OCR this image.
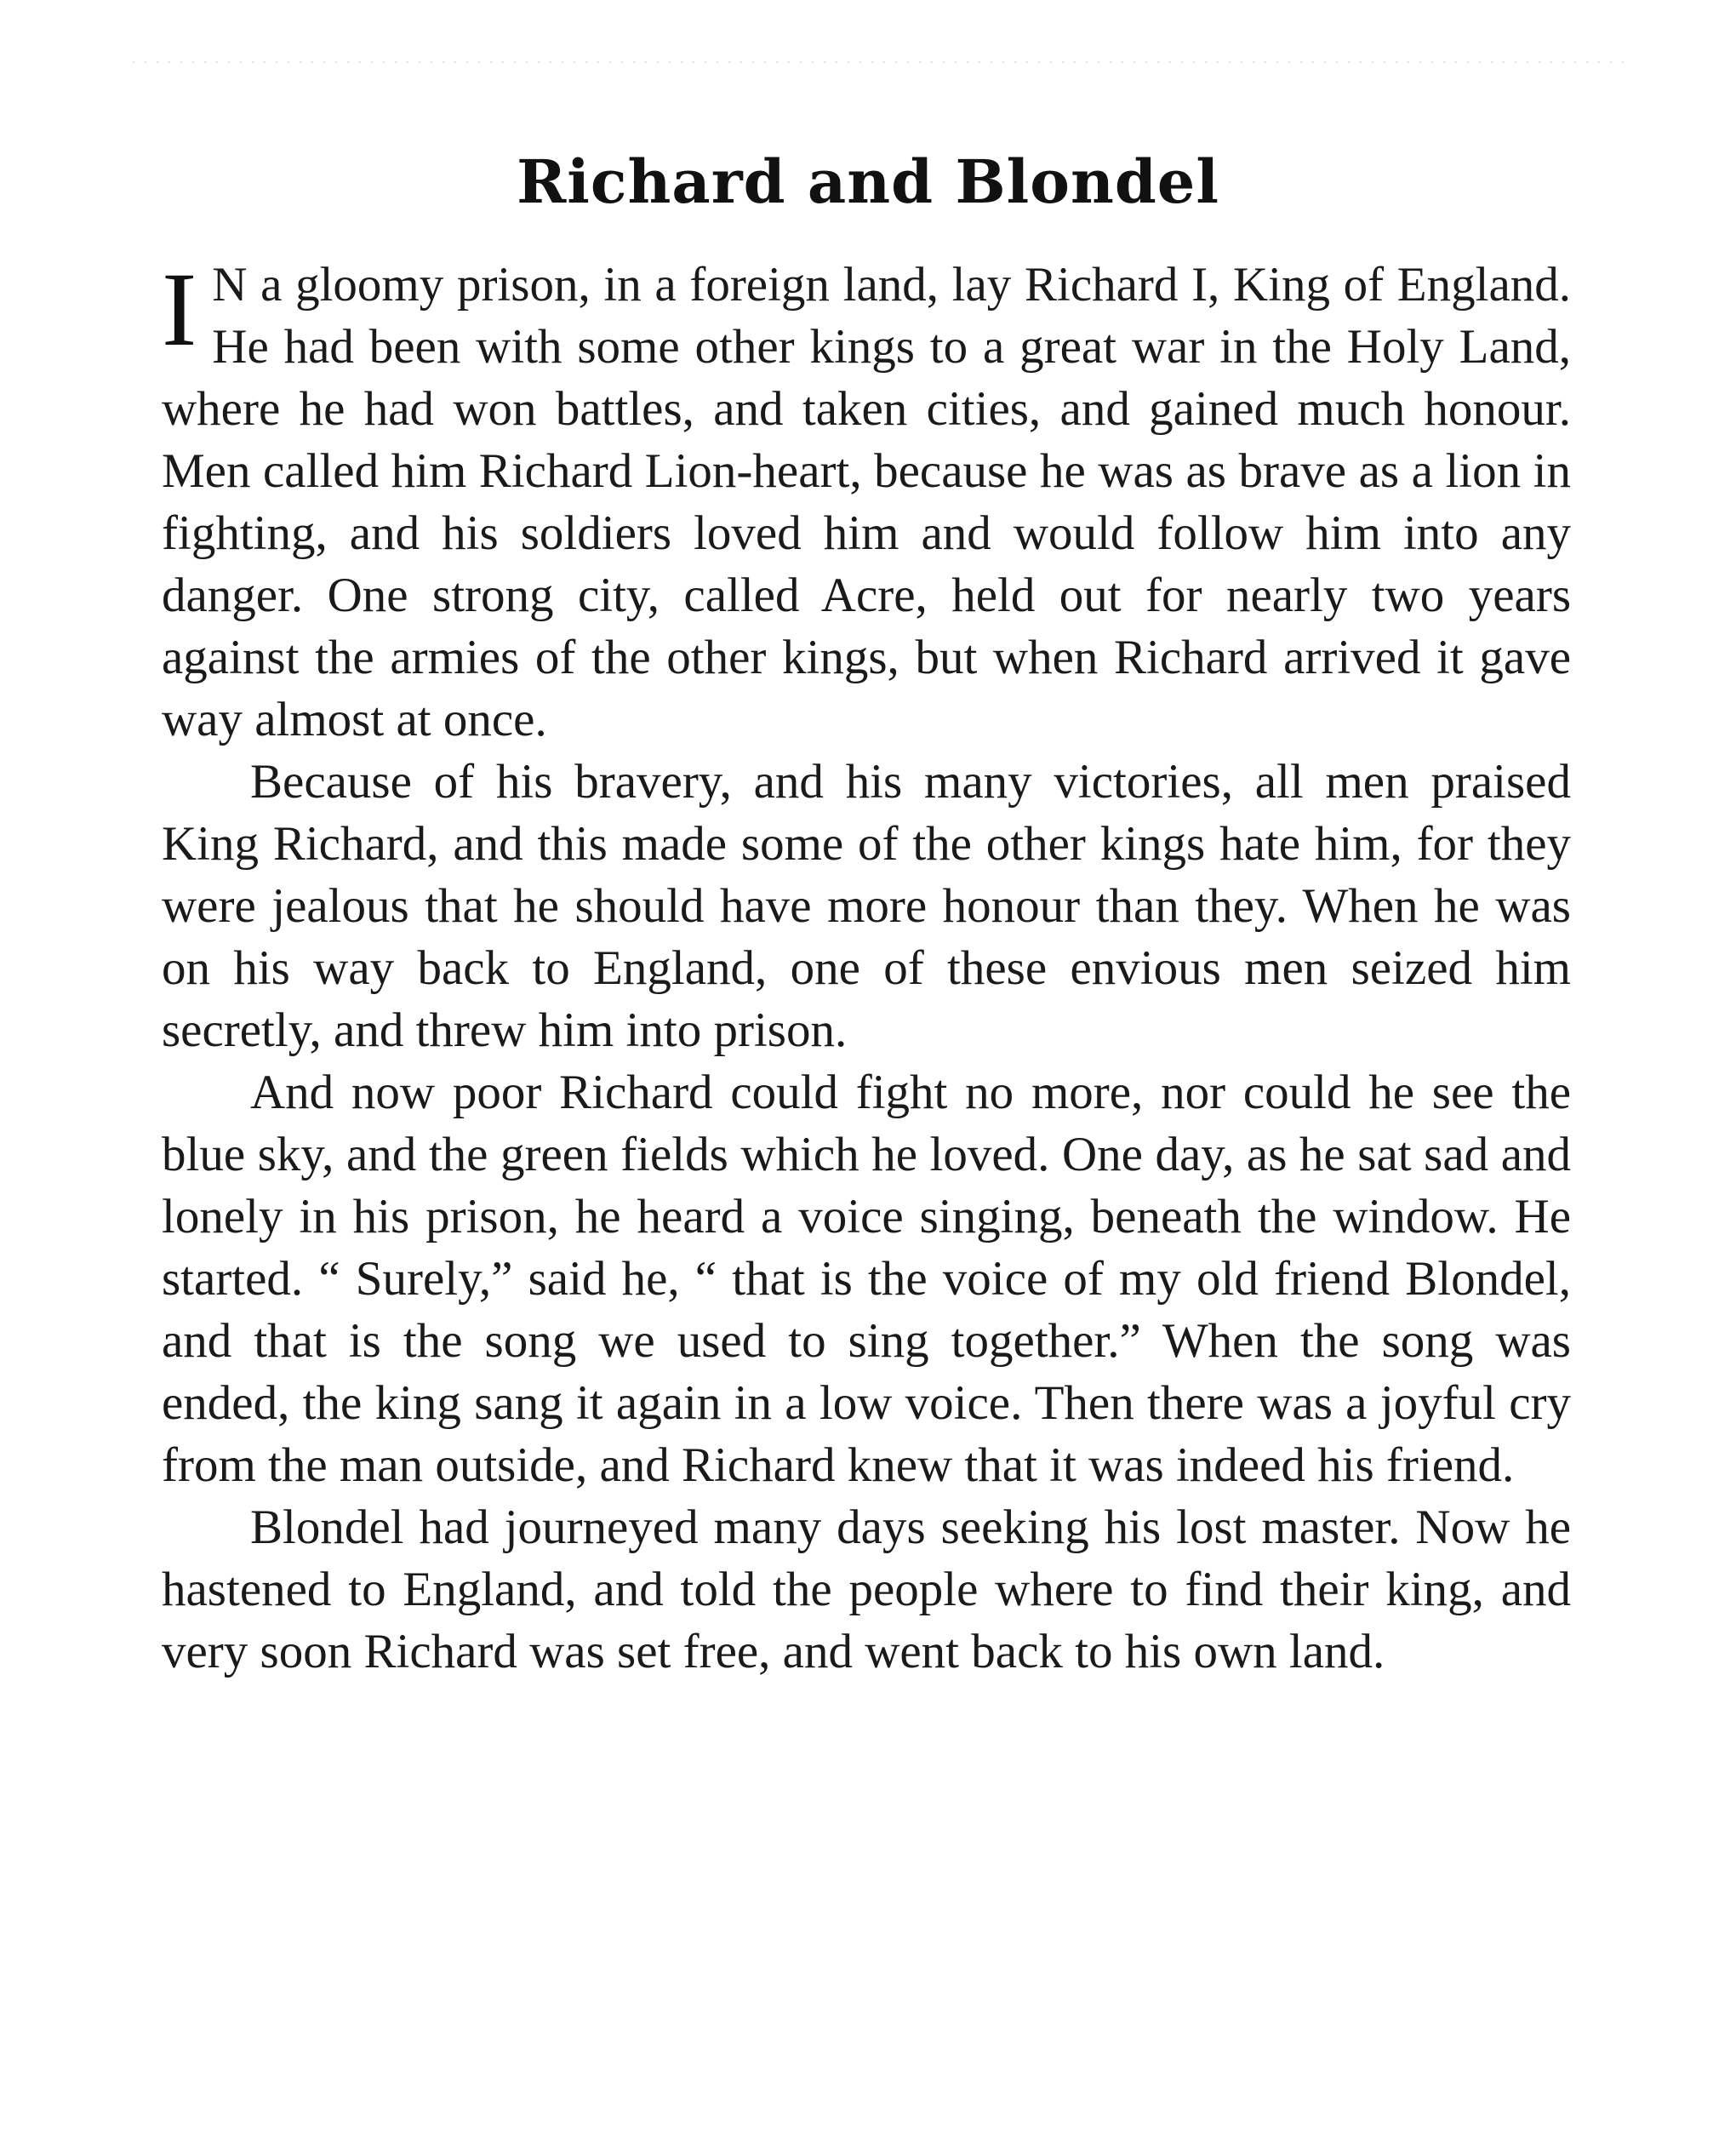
Richard and Blondel

I N a gloomy prison, in a foreign land, lay Richard I, King of England. He had been with some other kings to a great war in the Holy Land, where he had won battles, and taken cities, and gained much honour. Men called him Richard Lion-heart, because he was as brave as a lion in fighting, and his soldiers loved him and would follow him into any danger. One strong city, called Acre, held out for nearly two years against the armies of the other kings, but when Richard arrived it gave way almost at once.

Because of his bravery, and his many victories, all men praised King Richard, and this made some of the other kings hate him, for they were jealous that he should have more honour than they. When he was on his way back to England, one of these envious men seized him secretly, and threw him into prison.

And now poor Richard could fight no more, nor could he see the blue sky, and the green fields which he loved. One day, as he sat sad and lonely in his prison, he heard a voice singing, beneath the window. He started. “ Surely,” said he, “ that is the voice of my old friend Blondel, and that is the song we used to sing together.” When the song was ended, the king sang it again in a low voice. Then there was a joyful cry from the man outside, and Richard knew that it was indeed his friend.

Blondel had journeyed many days seeking his lost master. Now he hastened to England, and told the people where to find their king, and very soon Richard was set free, and went back to his own land.
